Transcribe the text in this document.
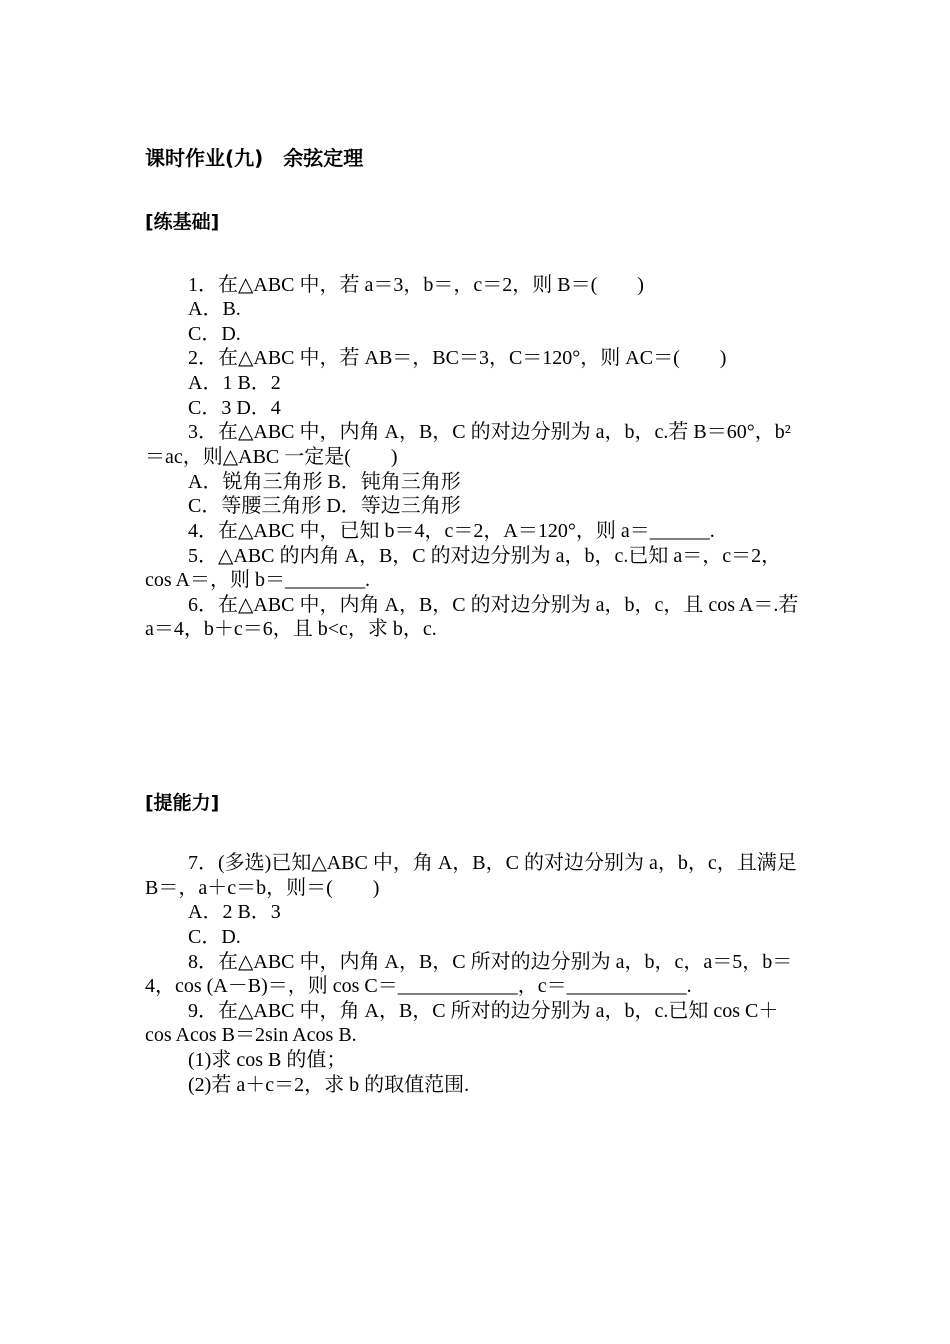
课时作业(九)　余弦定理
[练基础]
1．在△ABC 中，若 a＝3，b＝，c＝2，则 B＝(　　)
A．B.
C．D.
2．在△ABC 中，若 AB＝，BC＝3，C＝120°，则 AC＝(　　)
A．1 B．2
C．3 D．4
3．在△ABC 中，内角 A，B，C 的对边分别为 a，b，c.若 B＝60°，b²
＝ac，则△ABC 一定是(　　)
A．锐角三角形 B．钝角三角形
C．等腰三角形 D．等边三角形
4．在△ABC 中，已知 b＝4，c＝2，A＝120°，则 a＝______.
5．△ABC 的内角 A，B，C 的对边分别为 a，b，c.已知 a＝，c＝2，
cos A＝，则 b＝________.
6．在△ABC 中，内角 A，B，C 的对边分别为 a，b，c，且 cos A＝.若
a＝4，b＋c＝6，且 b<c，求 b，c.
[提能力]
7．(多选)已知△ABC 中，角 A，B，C 的对边分别为 a，b，c，且满足
B＝，a＋c＝b，则＝(　　)
A．2 B．3
C．D.
8．在△ABC 中，内角 A，B，C 所对的边分别为 a，b，c，a＝5，b＝
4，cos (A－B)＝，则 cos C＝____________，c＝____________.
9．在△ABC 中，角 A，B，C 所对的边分别为 a，b，c.已知 cos C＋
cos Acos B＝2sin Acos B.
(1)求 cos B 的值；
(2)若 a＋c＝2，求 b 的取值范围.
